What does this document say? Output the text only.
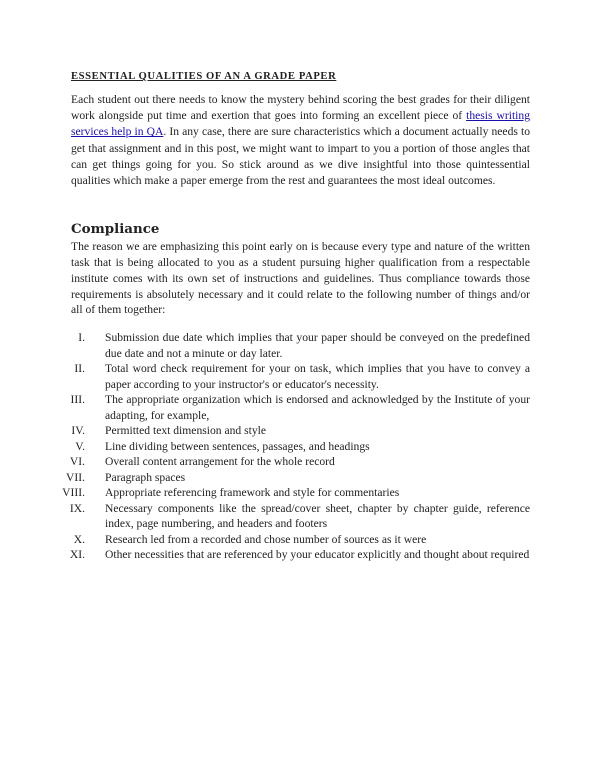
ESSENTIAL QUALITIES OF AN A GRADE PAPER

Each student out there needs to know the mystery behind scoring the best grades for their diligent work alongside put time and exertion that goes into forming an excellent piece of thesis writing services help in QA. In any case, there are sure characteristics which a document actually needs to get that assignment and in this post, we might want to impart to you a portion of those angles that can get things going for you. So stick around as we dive insightful into those quintessential qualities which make a paper emerge from the rest and guarantees the most ideal outcomes.

Compliance

The reason we are emphasizing this point early on is because every type and nature of the written task that is being allocated to you as a student pursuing higher qualification from a respectable institute comes with its own set of instructions and guidelines. Thus compliance towards those requirements is absolutely necessary and it could relate to the following number of things and/or all of them together:

I.	Submission due date which implies that your paper should be conveyed on the predefined due date and not a minute or day later.
II.	Total word check requirement for your on task, which implies that you have to convey a paper according to your instructor's or educator's necessity.
III.	The appropriate organization which is endorsed and acknowledged by the Institute of your adapting, for example,
IV.	Permitted text dimension and style
V.	Line dividing between sentences, passages, and headings
VI.	Overall content arrangement for the whole record
VII.	Paragraph spaces
VIII.	Appropriate referencing framework and style for commentaries
IX.	Necessary components like the spread/cover sheet, chapter by chapter guide, reference index, page numbering, and headers and footers
X.	Research led from a recorded and chose number of sources as it were
XI.	Other necessities that are referenced by your educator explicitly and thought about required
